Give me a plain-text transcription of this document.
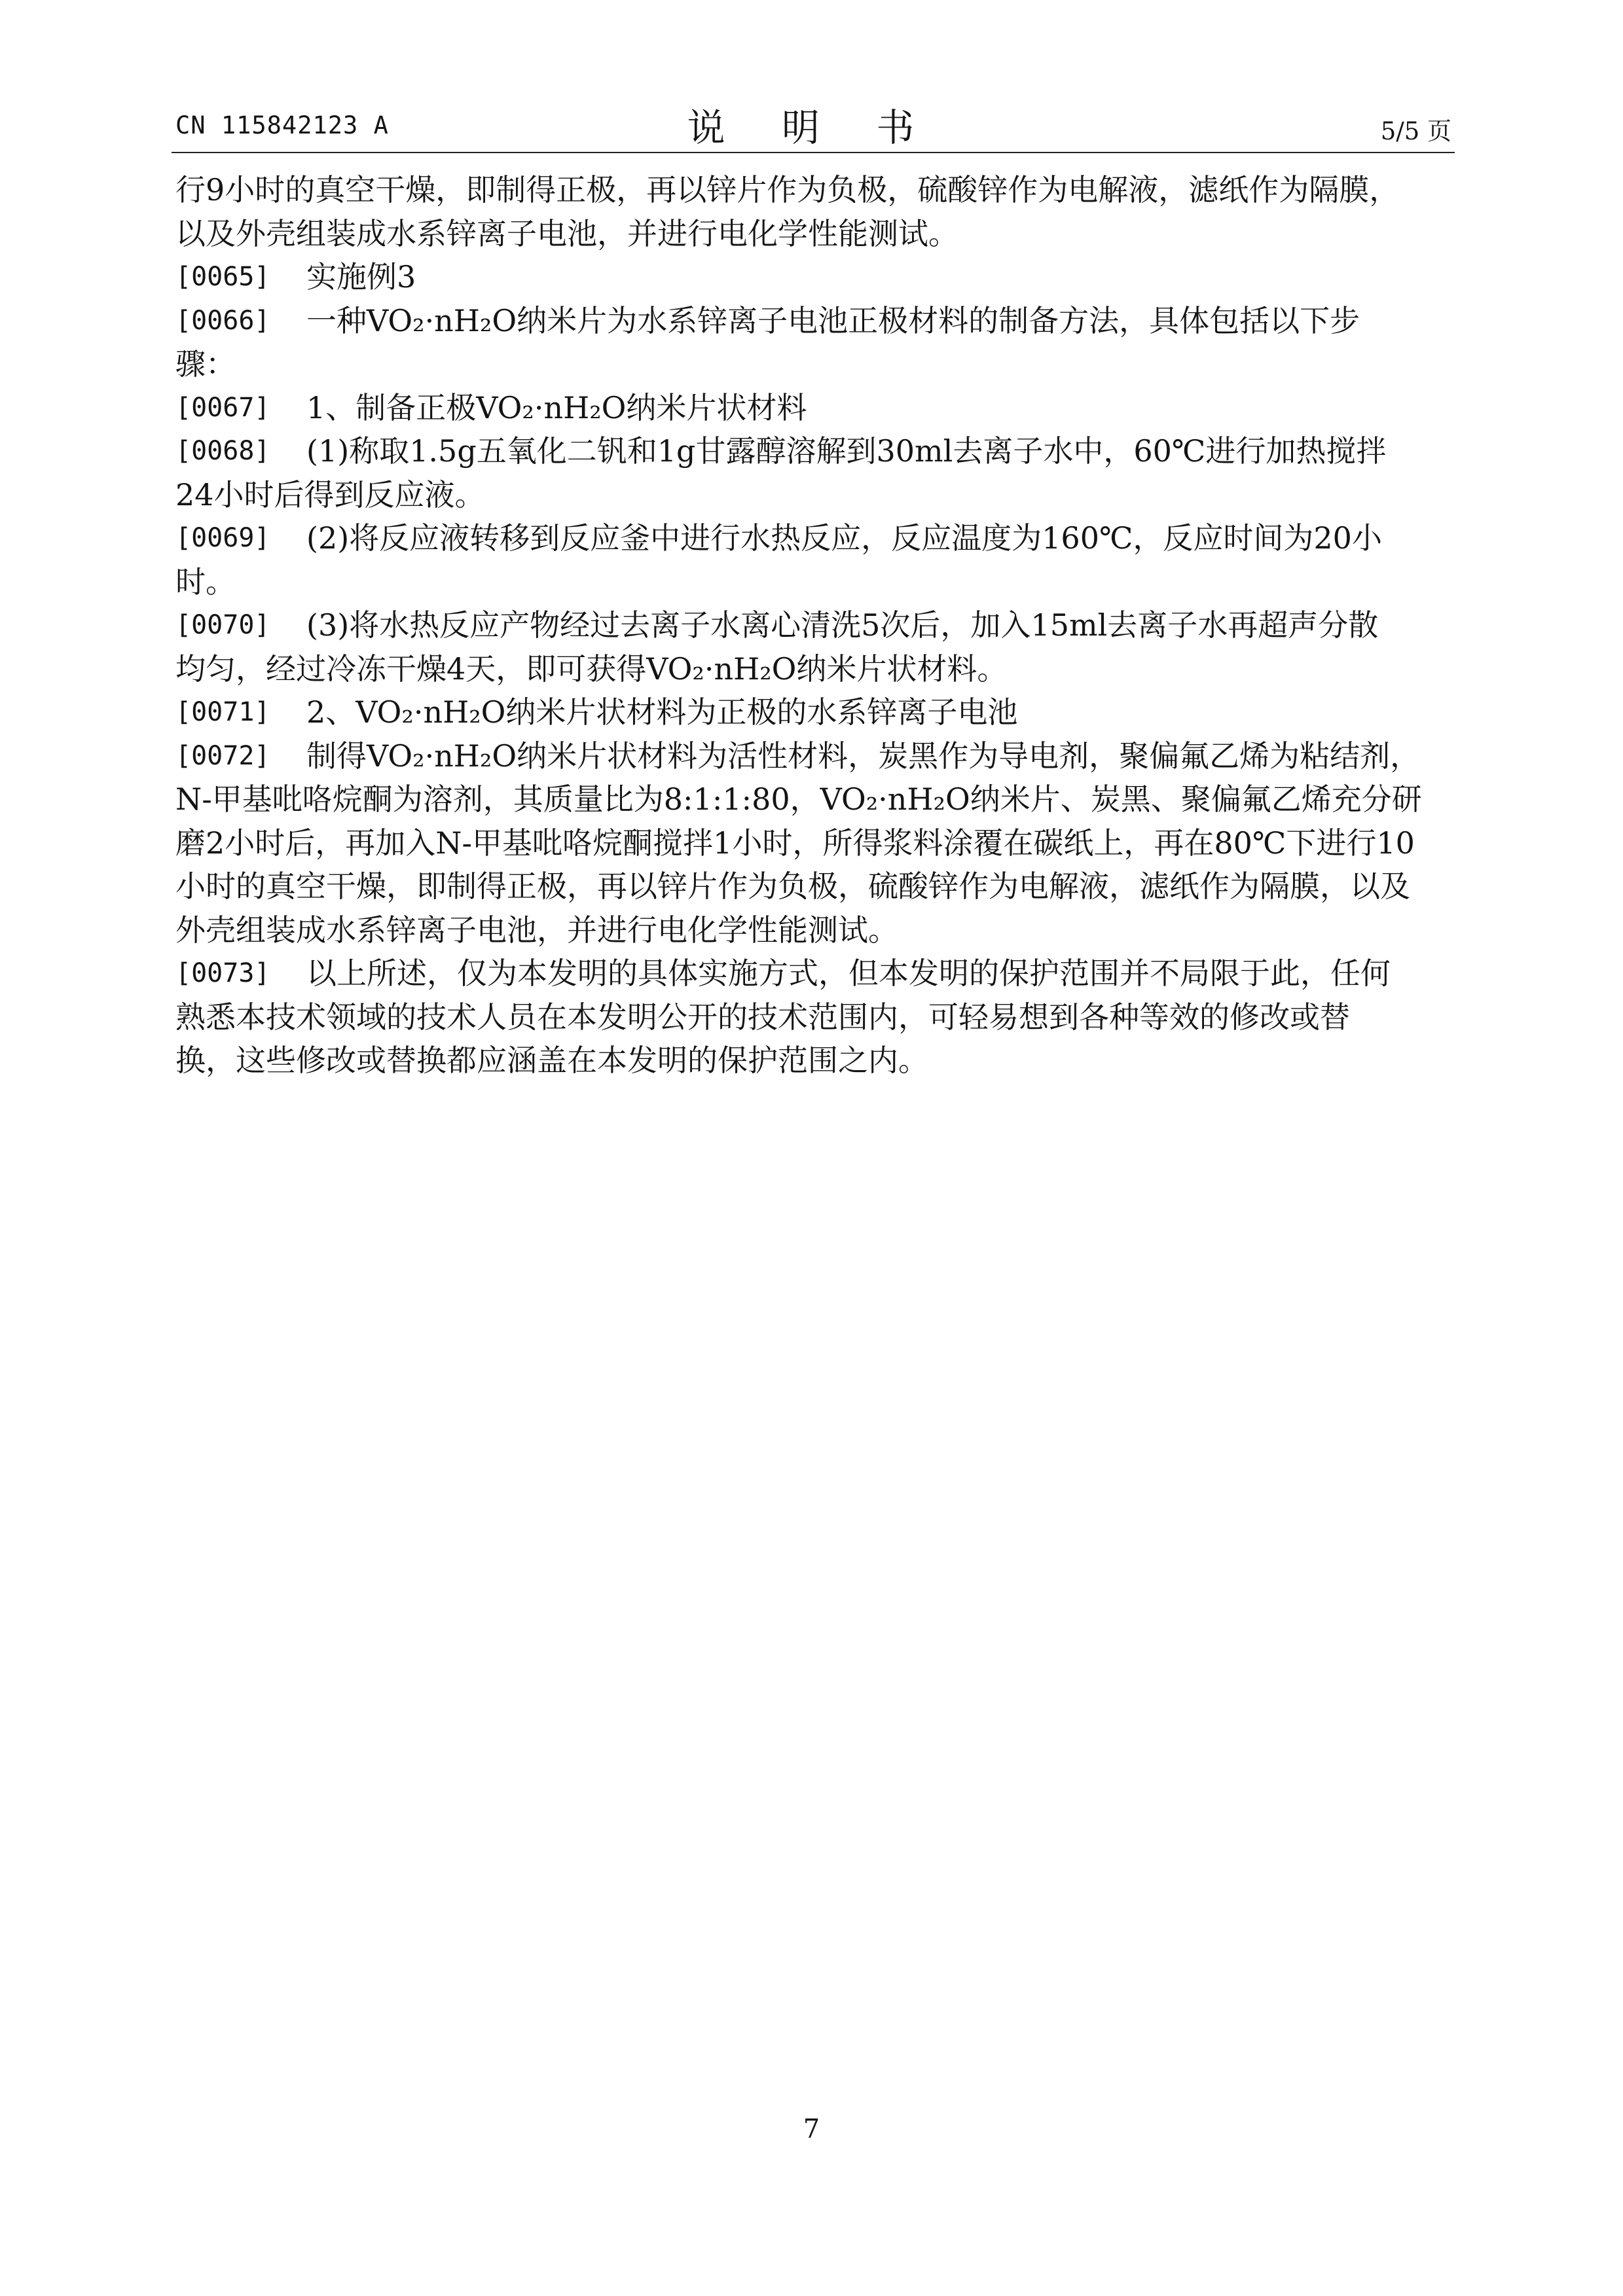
CN 115842123 A	说 明 书	5/5 页
行9小时的真空干燥，即制得正极，再以锌片作为负极，硫酸锌作为电解液，滤纸作为隔膜，
以及外壳组装成水系锌离子电池，并进行电化学性能测试。
[0065]	实施例3
[0066]	一种VO₂·nH₂O纳米片为水系锌离子电池正极材料的制备方法，具体包括以下步
骤：
[0067]	1、制备正极VO₂·nH₂O纳米片状材料
[0068]	(1)称取1.5g五氧化二钒和1g甘露醇溶解到30ml去离子水中，60℃进行加热搅拌
24小时后得到反应液。
[0069]	(2)将反应液转移到反应釜中进行水热反应，反应温度为160℃，反应时间为20小
时。
[0070]	(3)将水热反应产物经过去离子水离心清洗5次后，加入15ml去离子水再超声分散
均匀，经过冷冻干燥4天，即可获得VO₂·nH₂O纳米片状材料。
[0071]	2、VO₂·nH₂O纳米片状材料为正极的水系锌离子电池
[0072]	制得VO₂·nH₂O纳米片状材料为活性材料，炭黑作为导电剂，聚偏氟乙烯为粘结剂，
N-甲基吡咯烷酮为溶剂，其质量比为8:1:1:80，VO₂·nH₂O纳米片、炭黑、聚偏氟乙烯充分研
磨2小时后，再加入N-甲基吡咯烷酮搅拌1小时，所得浆料涂覆在碳纸上，再在80℃下进行10
小时的真空干燥，即制得正极，再以锌片作为负极，硫酸锌作为电解液，滤纸作为隔膜，以及
外壳组装成水系锌离子电池，并进行电化学性能测试。
[0073]	以上所述，仅为本发明的具体实施方式，但本发明的保护范围并不局限于此，任何
熟悉本技术领域的技术人员在本发明公开的技术范围内，可轻易想到各种等效的修改或替
换，这些修改或替换都应涵盖在本发明的保护范围之内。
7
